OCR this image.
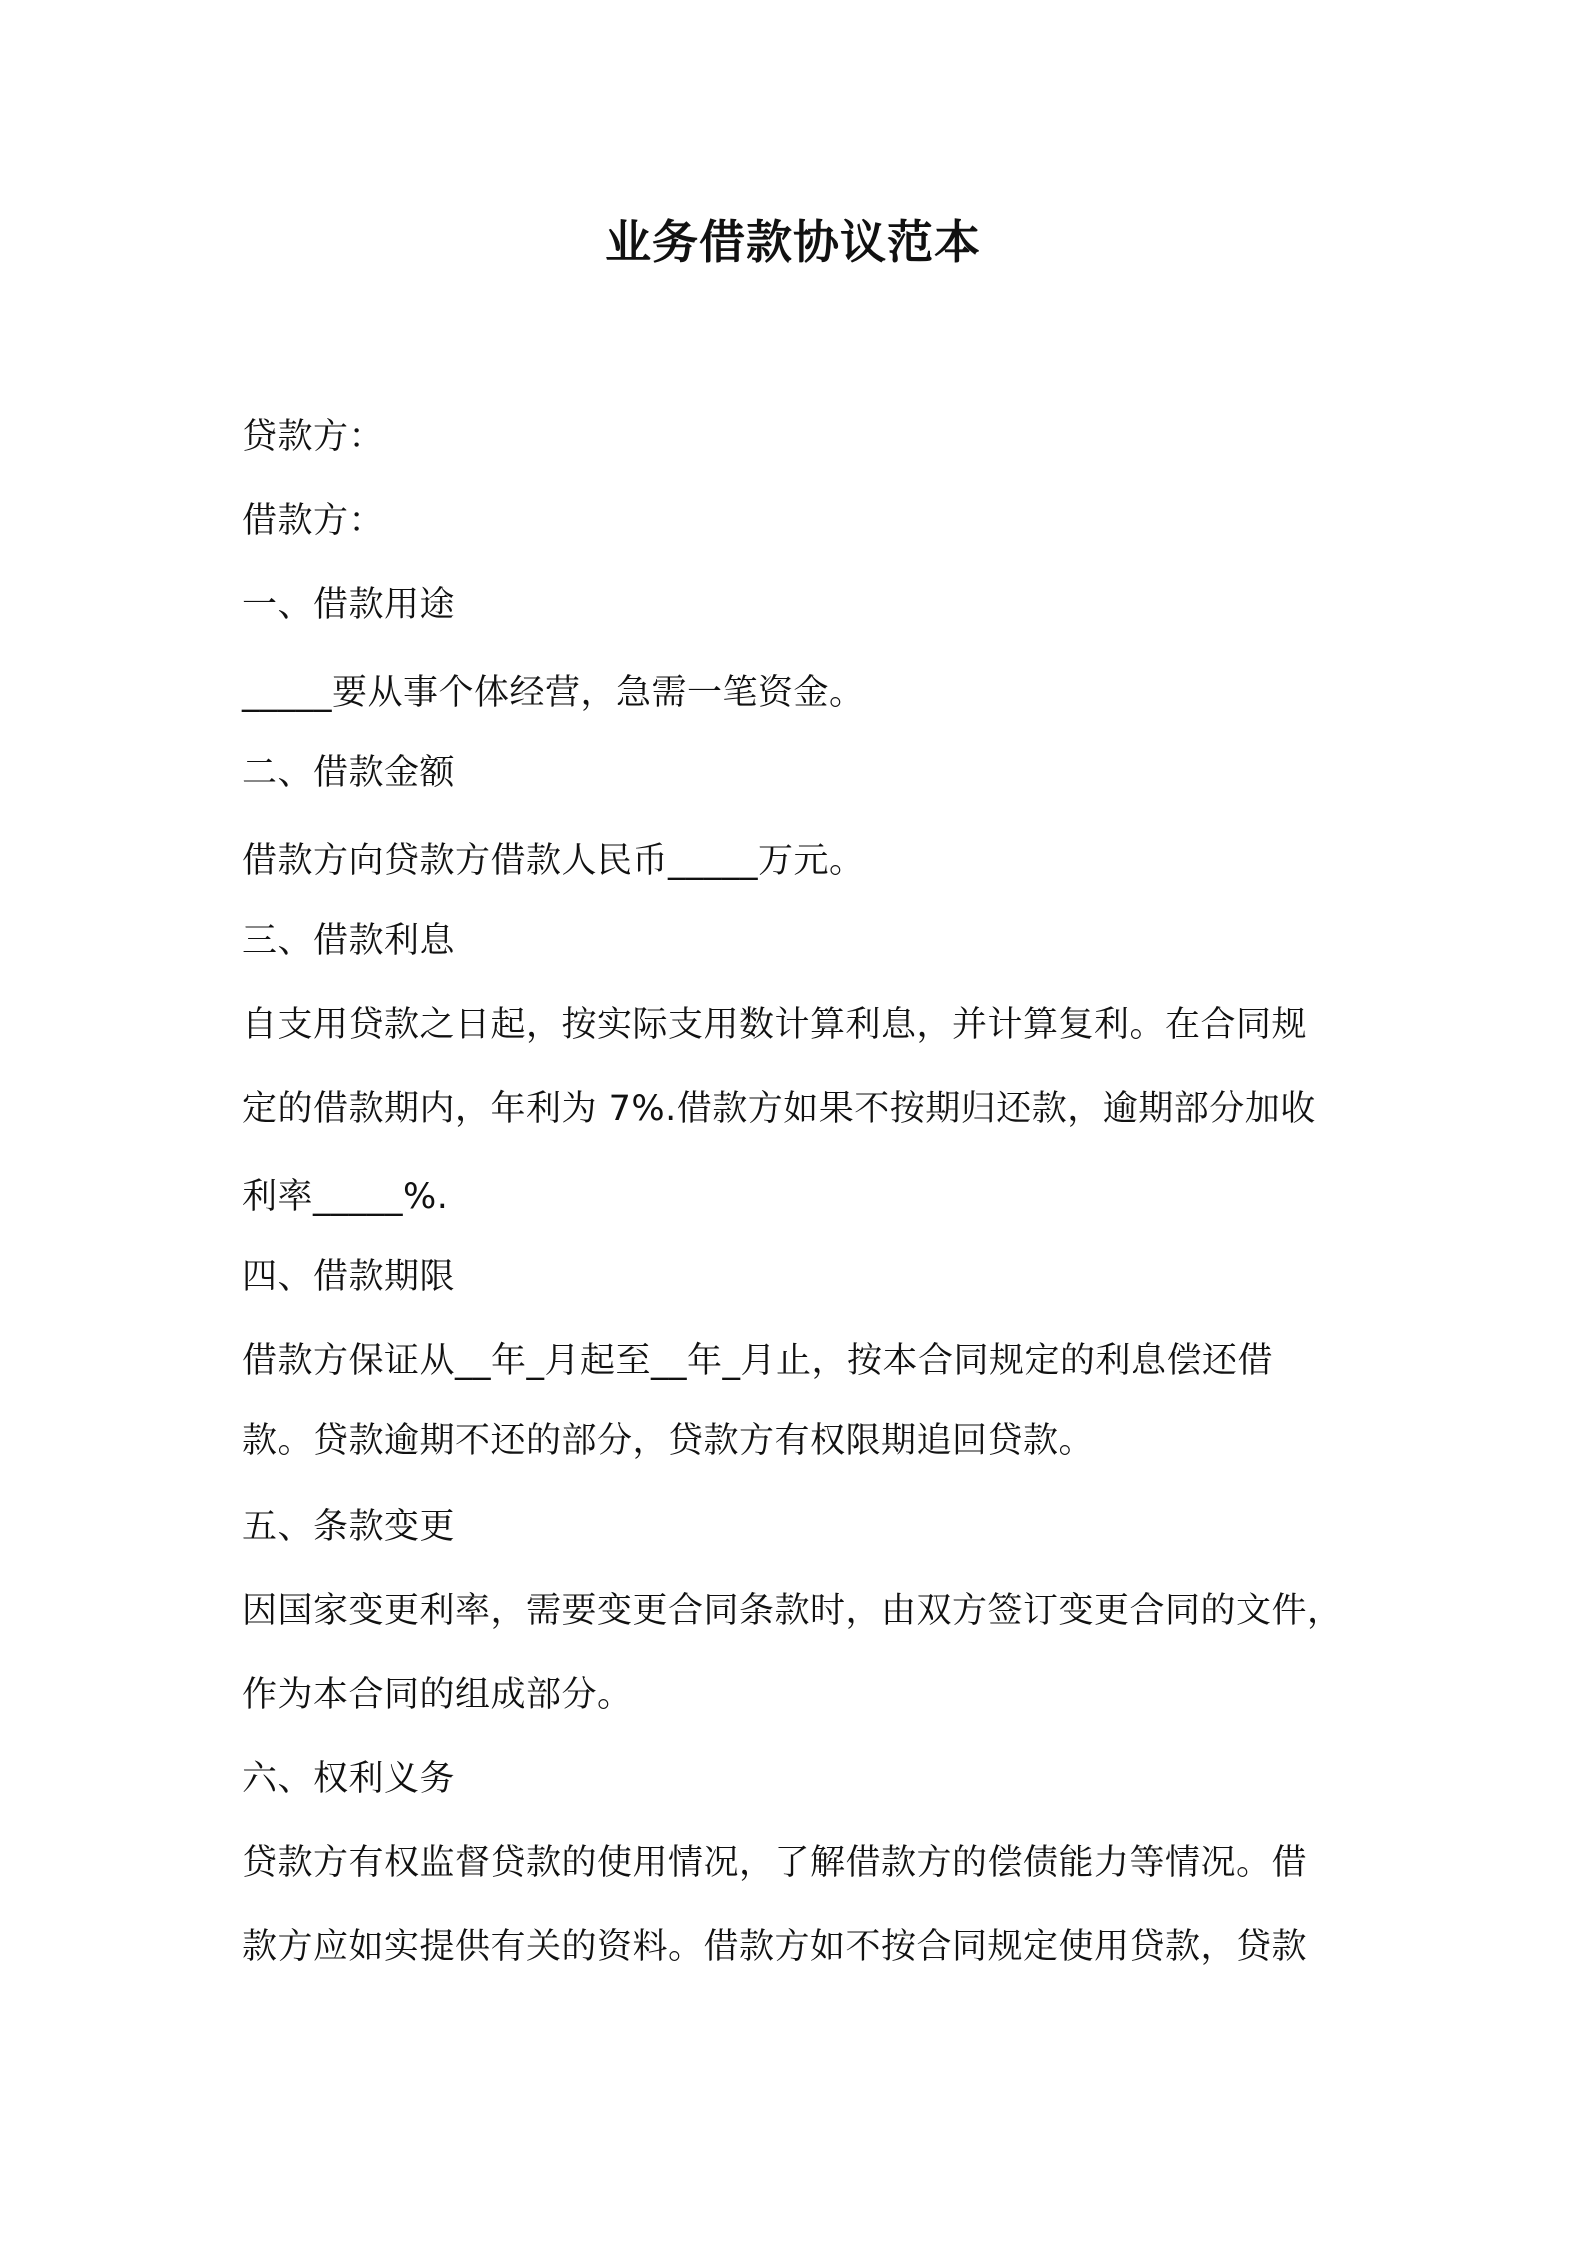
业务借款协议范本

贷款方：

借款方：

一、借款用途

_____要从事个体经营，急需一笔资金。

二、借款金额

借款方向贷款方借款人民币_____万元。

三、借款利息

自支用贷款之日起，按实际支用数计算利息，并计算复利。在合同规

定的借款期内，年利为 7%.借款方如果不按期归还款，逾期部分加收

利率_____%.

四、借款期限

借款方保证从__年_月起至__年_月止，按本合同规定的利息偿还借

款。贷款逾期不还的部分，贷款方有权限期追回贷款。

五、条款变更

因国家变更利率，需要变更合同条款时，由双方签订变更合同的文件，

作为本合同的组成部分。

六、权利义务

贷款方有权监督贷款的使用情况，了解借款方的偿债能力等情况。借

款方应如实提供有关的资料。借款方如不按合同规定使用贷款，贷款
